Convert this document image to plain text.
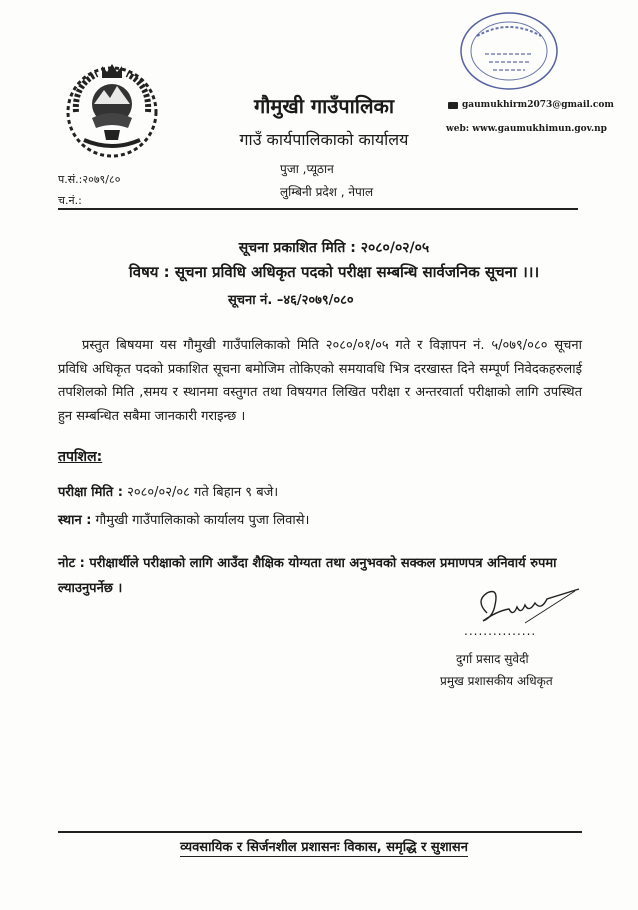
गौमुखी गाउँपालिका
गाउँ कार्यपालिकाको कार्यालय
पुजा ,प्यूठान
लुम्बिनी प्रदेश , नेपाल
प.सं.:२०७९/८०
च.नं.:
gaumukhirm2073@gmail.com
web: www.gaumukhimun.gov.np
सूचना प्रकाशित मिति : २०८०/०२/०५
विषय : सूचना प्रविधि अधिकृत पदको परीक्षा सम्बन्धि सार्वजनिक सूचना ।।।
सूचना नं. –४६/२०७९/०८०
प्रस्तुत बिषयमा यस गौमुखी गाउँपालिकाको मिति २०८०/०१/०५ गते र विज्ञापन नं. ५/०७९/०८० सूचना प्रविधि अधिकृत पदको प्रकाशित सूचना बमोजिम तोकिएको समयावधि भित्र दरखास्त दिने सम्पूर्ण निवेदकहरुलाई तपशिलको मिति ,समय र स्थानमा वस्तुगत तथा विषयगत लिखित परीक्षा र अन्तरवार्ता परीक्षाको लागि उपस्थित हुन सम्बन्धित सबैमा जानकारी गराइन्छ ।
तपशिल:
परीक्षा मिति : २०८०/०२/०८ गते बिहान ९ बजे।
स्थान : गौमुखी गाउँपालिकाको कार्यालय पुजा लिवासे।
नोट : परीक्षार्थीले परीक्षाको लागि आउँदा शैक्षिक योग्यता तथा अनुभवको सक्कल प्रमाणपत्र अनिवार्य रुपमा ल्याउनुपर्नेछ ।
...............
दुर्गा प्रसाद सुवेदी
प्रमुख प्रशासकीय अधिकृत
व्यवसायिक र सिर्जनशील प्रशासनः विकास, समृद्धि र सुशासन
